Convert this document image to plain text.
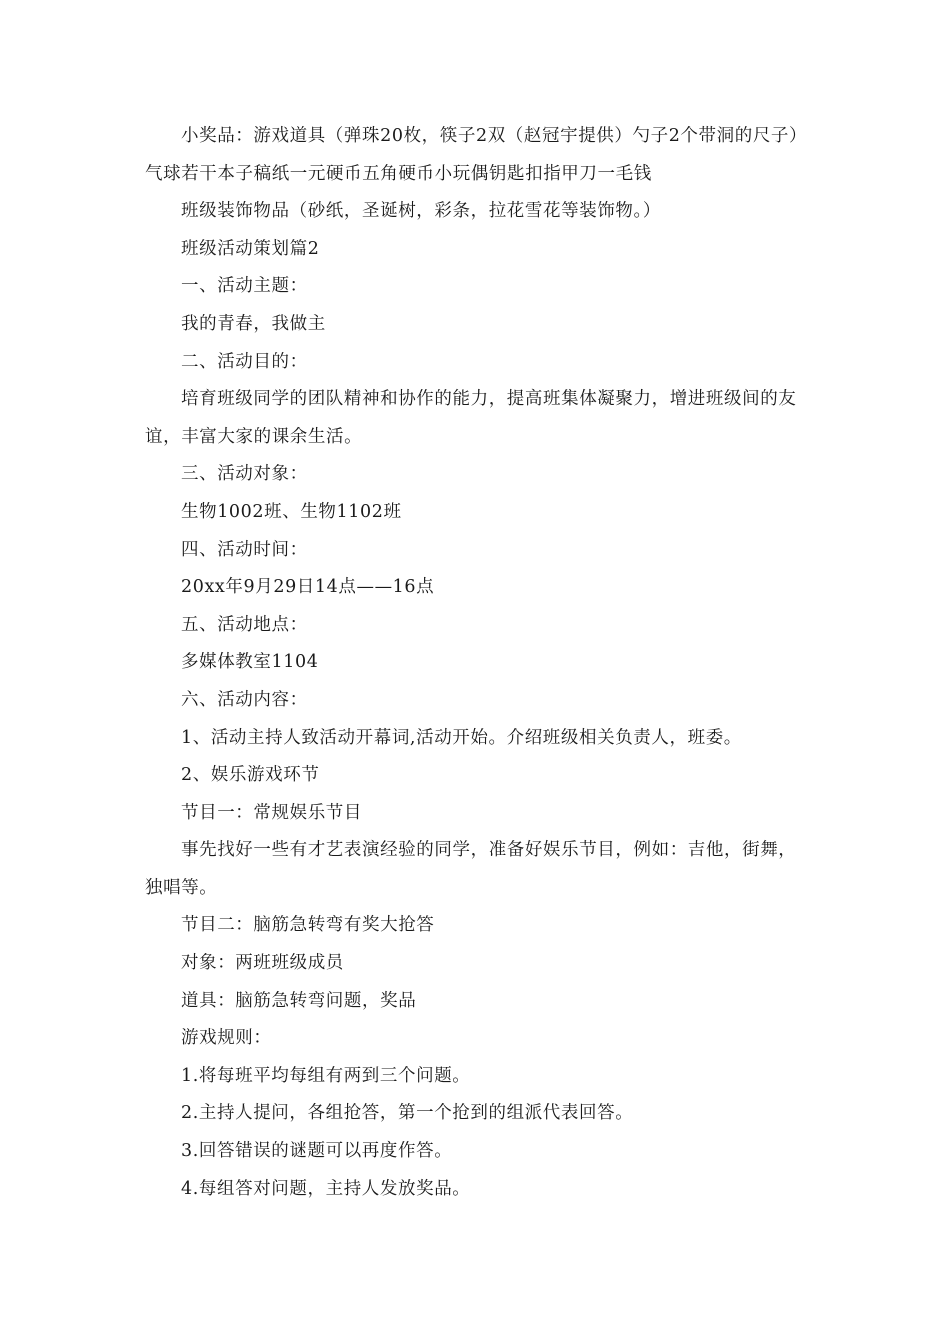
小奖品：游戏道具（弹珠20枚，筷子2双（赵冠宇提供）勺子2个带洞的尺子）气球若干本子稿纸一元硬币五角硬币小玩偶钥匙扣指甲刀一毛钱

班级装饰物品（砂纸，圣诞树，彩条，拉花雪花等装饰物。）

班级活动策划篇2

一、活动主题：

我的青春，我做主

二、活动目的：

培育班级同学的团队精神和协作的能力，提高班集体凝聚力，增进班级间的友谊，丰富大家的课余生活。

三、活动对象：

生物1002班、生物1102班

四、活动时间：

20xx年9月29日14点——16点

五、活动地点：

多媒体教室1104

六、活动内容：

1、活动主持人致活动开幕词,活动开始。介绍班级相关负责人，班委。

2、娱乐游戏环节

节目一：常规娱乐节目

事先找好一些有才艺表演经验的同学，准备好娱乐节目，例如：吉他，街舞，独唱等。

节目二：脑筋急转弯有奖大抢答

对象：两班班级成员

道具：脑筋急转弯问题，奖品

游戏规则：

1.将每班平均每组有两到三个问题。

2.主持人提问，各组抢答，第一个抢到的组派代表回答。

3.回答错误的谜题可以再度作答。

4.每组答对问题，主持人发放奖品。
